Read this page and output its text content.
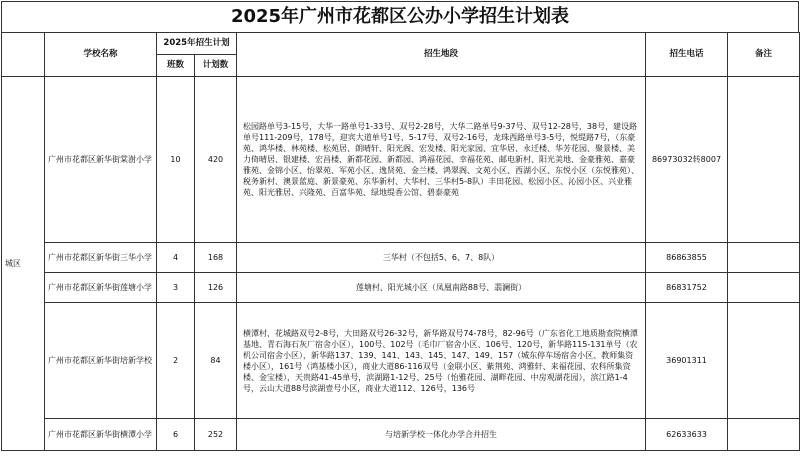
2025年广州市花都区公办小学招生计划表
	学校名称	2025年招生计划		招生地段	招生电话	备注
		班数	计划数			
城区	广州市花都区新华街棠澍小学	10	420	松园路单号3-15号，大华一路单号1-33号、双号2-28号，大华二路单号9-37号、双号12-28号，38号，建设路单号111-209号，178号，迎宾大道单号1号、5-17号、双号2-16号，龙珠西路单号3-5号，悦缇路7号，（东豪苑、鸿华楼、林苑楼、松苑居、朗晴轩、阳光阁、宏发楼、阳光家园、宜华居、永迁楼、华芳花园、聚景楼、美力倚晴居、银建楼、宏昌楼、新都花园、新都园、鸿福花园、幸福花苑、邮电新村、阳光美地、金豪雅苑、嘉豪雅苑、金锦小区、怡翠苑、军苑小区、逸贤苑、金兰楼、鸿翠阁、文苑小区、西湖小区、东悦小区（东悦雅苑）、税务新村、澳景蓝庭、新景豪苑、东华新村、大华村、三华村5-8队）丰田花园、松园小区、沁园小区、兴业雅苑、阳光雅居、兴隆苑、百富华苑、绿地缇香公馆、碧泰豪苑	86973032转8007	
	广州市花都区新华街三华小学	4	168	三华村（不包括5、6、7、8队）	86863855	
	广州市花都区新华街莲塘小学	3	126	莲塘村、阳光城小区（凤凰南路88号、翡澜街）	86831752	
	广州市花都区新华街培新学校	2	84	横潭村，花城路双号2-8号，大田路双号26-32号，新华路双号74-78号，82-96号（广东省化工地质勘查院横潭基地、青石海石灰厂宿舍小区），100号、102号（毛巾厂宿舍小区、106号、120号，新华路115-131单号（农机公司宿舍小区），新华路137、139、141、143、145、147、149、157（城东停车场宿舍小区、教师集资楼小区），161号（鸿基楼小区），商业大道86-116双号（金联小区、紫荆苑、鸿雅轩、来福花园、农科所集资楼、金宝楼），天贵路41-45单号，滨湖路1-12号、25号（怡雅花园、湖畔花园、中房观湖花园），滨江路1-4号，云山大道88号滨湖壹号小区，商业大道112、126号，136号	36901311	
	广州市花都区新华街横潭小学	6	252	与培新学校一体化办学合并招生	62633633	
